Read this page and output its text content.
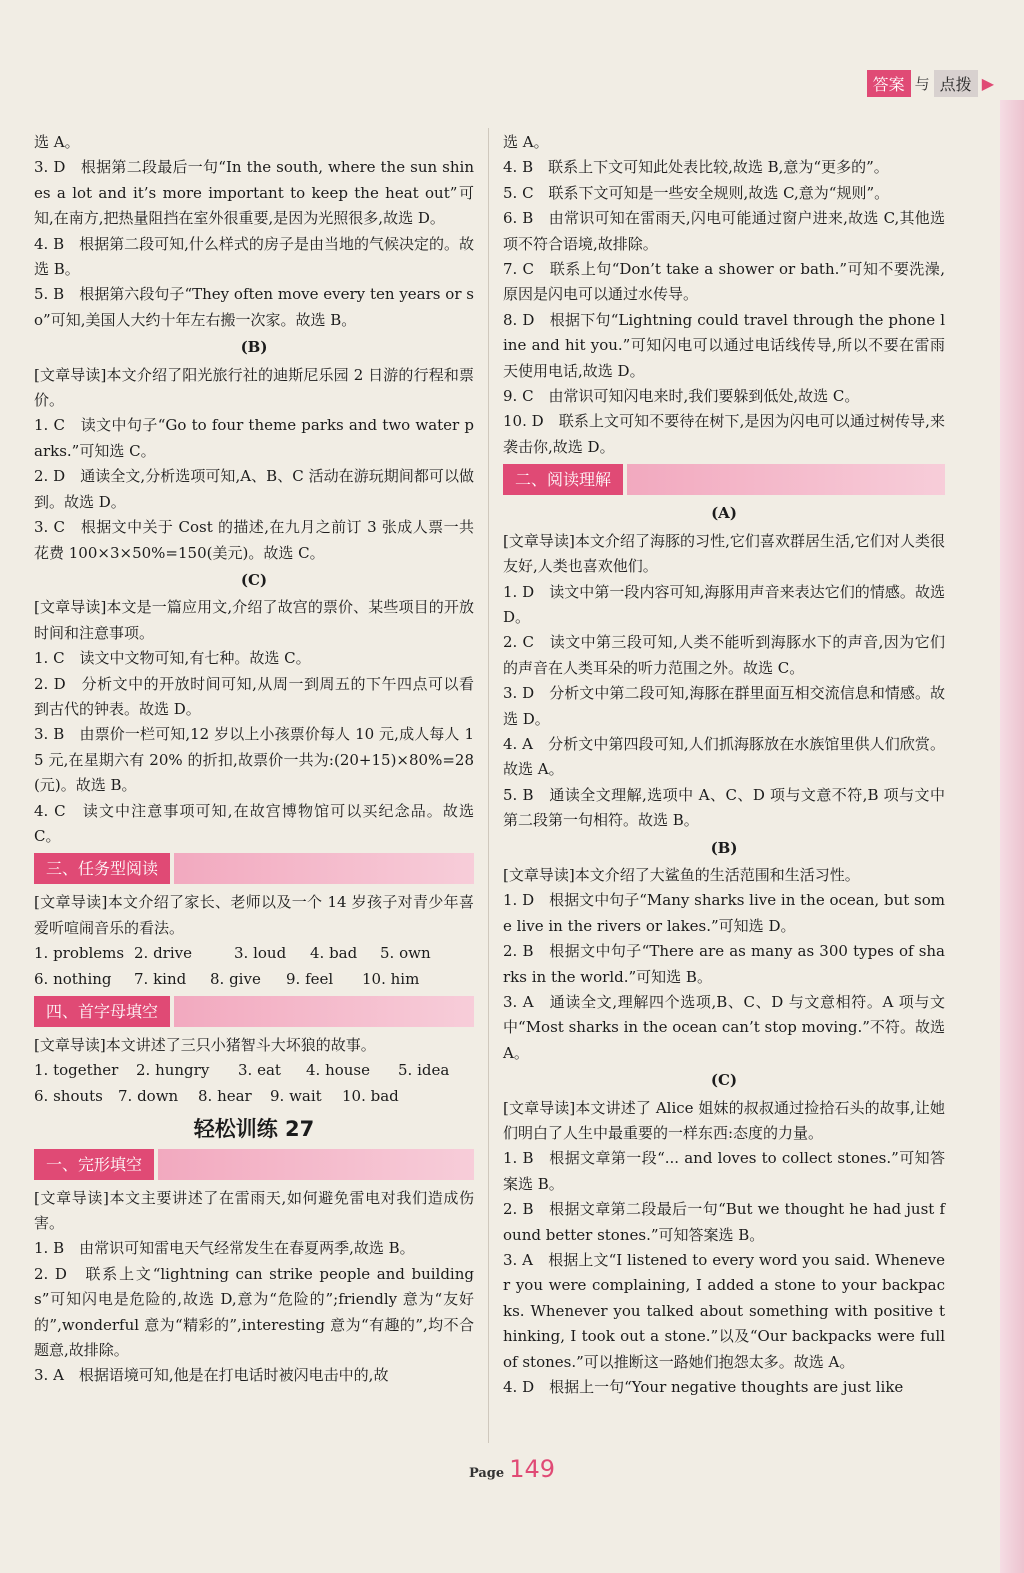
答案 与 点拨 ▶

选 A。

3. D　根据第二段最后一句“In the south, where the sun shines a lot and it’s more important to keep the heat out”可知,在南方,把热量阻挡在室外很重要,是因为光照很多,故选 D。

4. B　根据第二段可知,什么样式的房子是由当地的气候决定的。故选 B。

5. B　根据第六段句子“They often move every ten years or so”可知,美国人大约十年左右搬一次家。故选 B。

(B)

[文章导读]本文介绍了阳光旅行社的迪斯尼乐园 2 日游的行程和票价。

1. C　读文中句子“Go to four theme parks and two water parks.”可知选 C。

2. D　通读全文,分析选项可知,A、B、C 活动在游玩期间都可以做到。故选 D。

3. C　根据文中关于 Cost 的描述,在九月之前订 3 张成人票一共花费 100×3×50%=150(美元)。故选 C。

(C)

[文章导读]本文是一篇应用文,介绍了故宫的票价、某些项目的开放时间和注意事项。

1. C　读文中文物可知,有七种。故选 C。

2. D　分析文中的开放时间可知,从周一到周五的下午四点可以看到古代的钟表。故选 D。

3. B　由票价一栏可知,12 岁以上小孩票价每人 10 元,成人每人 15 元,在星期六有 20% 的折扣,故票价一共为:(20+15)×80%=28(元)。故选 B。

4. C　读文中注意事项可知,在故宫博物馆可以买纪念品。故选 C。

三、任务型阅读

[文章导读]本文介绍了家长、老师以及一个 14 岁孩子对青少年喜爱听喧闹音乐的看法。

1. problems 2. drive	3. loud	4. bad	5. own
6. nothing	7. kind	8. give	9. feel	10. him
四、首字母填空

[文章导读]本文讲述了三只小猪智斗大坏狼的故事。

1. together	2. hungry	3. eat	4. house	5. idea
6. shouts	7. down	8. hear	9. wait	10. bad
轻松训练 27
一、完形填空

[文章导读]本文主要讲述了在雷雨天,如何避免雷电对我们造成伤害。

1. B　由常识可知雷电天气经常发生在春夏两季,故选 B。

2. D　联系上文“lightning can strike people and buildings”可知闪电是危险的,故选 D,意为“危险的”;friendly 意为“友好的”,wonderful 意为“精彩的”,interesting 意为“有趣的”,均不合题意,故排除。

3. A　根据语境可知,他是在打电话时被闪电击中的,故

选 A。

4. B　联系上下文可知此处表比较,故选 B,意为“更多的”。

5. C　联系下文可知是一些安全规则,故选 C,意为“规则”。

6. B　由常识可知在雷雨天,闪电可能通过窗户进来,故选 C,其他选项不符合语境,故排除。

7. C　联系上句“Don’t take a shower or bath.”可知不要洗澡,原因是闪电可以通过水传导。

8. D　根据下句“Lightning could travel through the phone line and hit you.”可知闪电可以通过电话线传导,所以不要在雷雨天使用电话,故选 D。

9. C　由常识可知闪电来时,我们要躲到低处,故选 C。

10. D　联系上文可知不要待在树下,是因为闪电可以通过树传导,来袭击你,故选 D。

二、阅读理解

(A)

[文章导读]本文介绍了海豚的习性,它们喜欢群居生活,它们对人类很友好,人类也喜欢他们。

1. D　读文中第一段内容可知,海豚用声音来表达它们的情感。故选 D。

2. C　读文中第三段可知,人类不能听到海豚水下的声音,因为它们的声音在人类耳朵的听力范围之外。故选 C。

3. D　分析文中第二段可知,海豚在群里面互相交流信息和情感。故选 D。

4. A　分析文中第四段可知,人们抓海豚放在水族馆里供人们欣赏。故选 A。

5. B　通读全文理解,选项中 A、C、D 项与文意不符,B 项与文中第二段第一句相符。故选 B。

(B)

[文章导读]本文介绍了大鲨鱼的生活范围和生活习性。

1. D　根据文中句子“Many sharks live in the ocean, but some live in the rivers or lakes.”可知选 D。

2. B　根据文中句子“There are as many as 300 types of sharks in the world.”可知选 B。

3. A　通读全文,理解四个选项,B、C、D 与文意相符。A 项与文中“Most sharks in the ocean can’t stop moving.”不符。故选 A。

(C)

[文章导读]本文讲述了 Alice 姐妹的叔叔通过捡拾石头的故事,让她们明白了人生中最重要的一样东西:态度的力量。

1. B　根据文章第一段“... and loves to collect stones.”可知答案选 B。

2. B　根据文章第二段最后一句“But we thought he had just found better stones.”可知答案选 B。

3. A　根据上文“I listened to every word you said. Whenever you were complaining, I added a stone to your backpacks. Whenever you talked about something with positive thinking, I took out a stone.”以及“Our backpacks were full of stones.”可以推断这一路她们抱怨太多。故选 A。

4. D　根据上一句“Your negative thoughts are just like

Page 149
